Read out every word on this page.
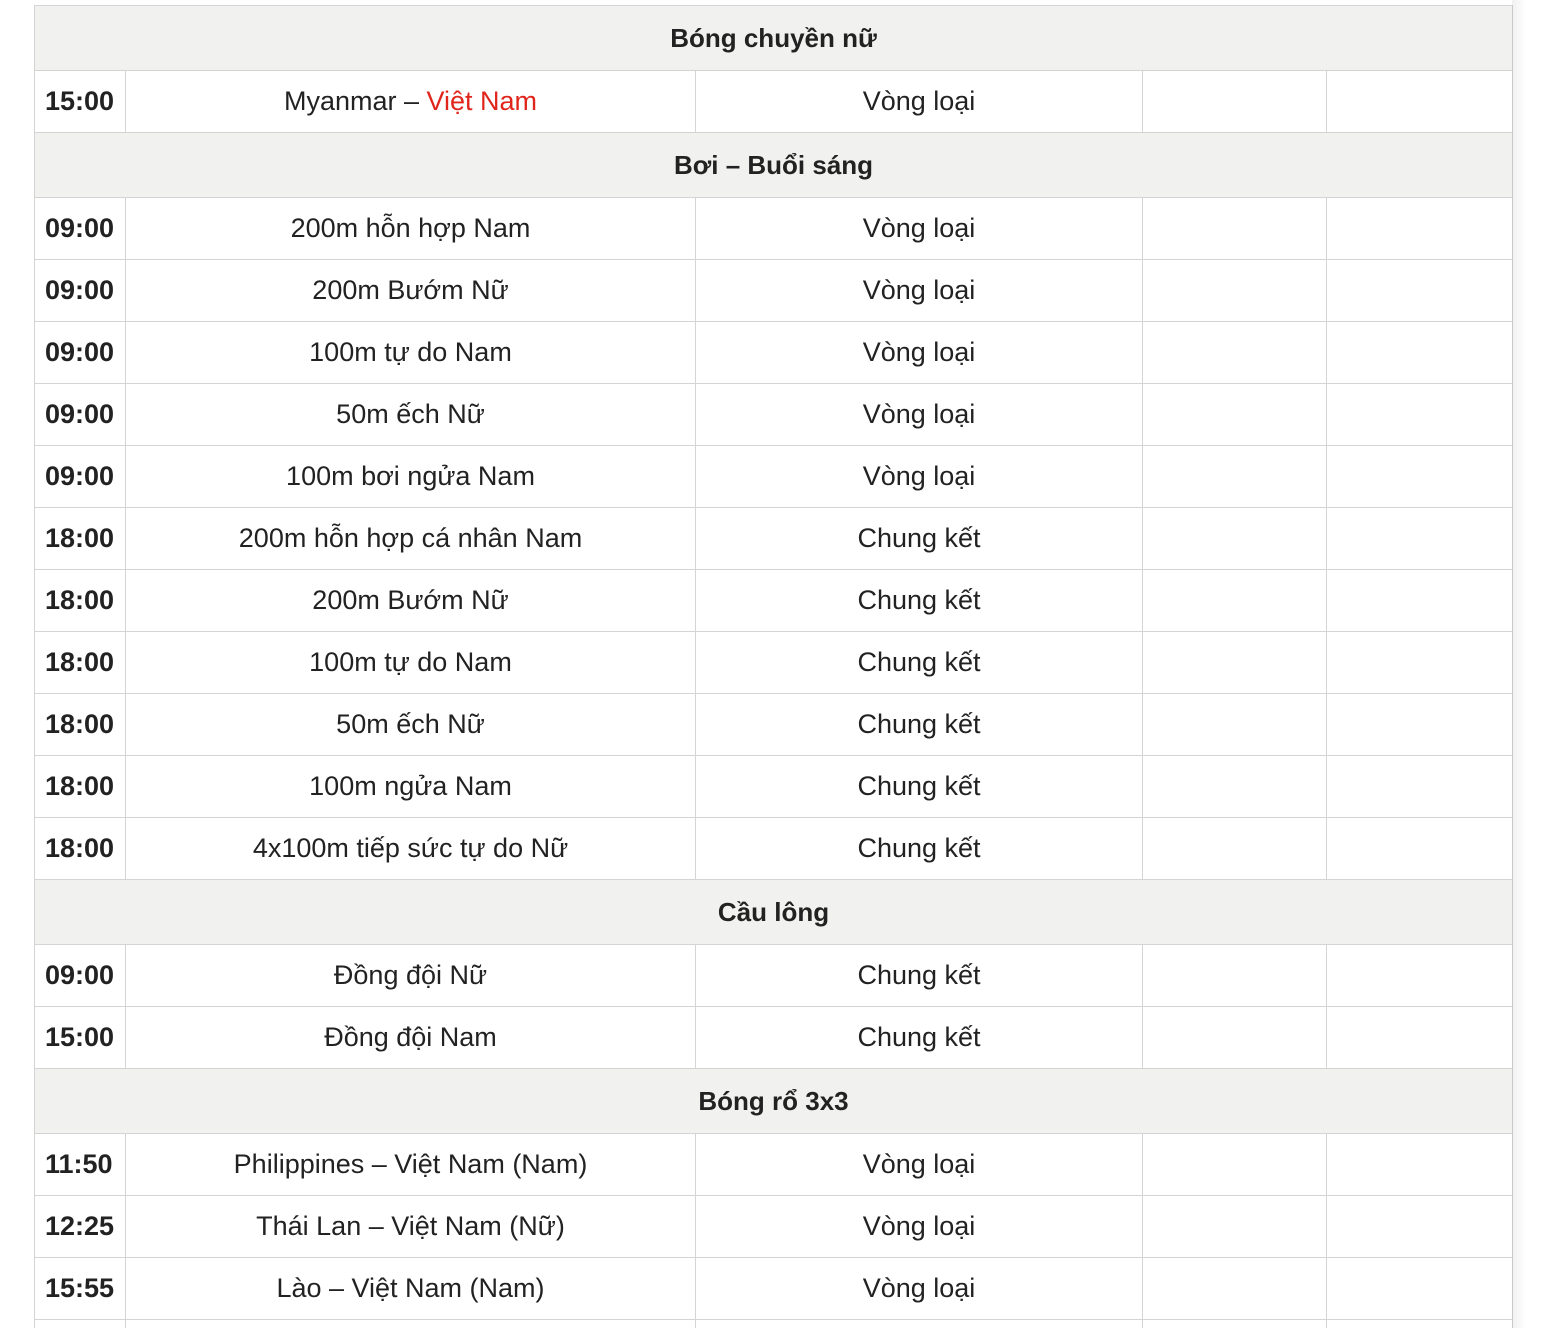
Bóng chuyền nữ				
15:00	Myanmar – Việt Nam	Vòng loại		
Bơi – Buổi sáng				
09:00	200m hỗn hợp Nam	Vòng loại		
09:00	200m Bướm Nữ	Vòng loại		
09:00	100m tự do Nam	Vòng loại		
09:00	50m ếch Nữ	Vòng loại		
09:00	100m bơi ngửa Nam	Vòng loại		
18:00	200m hỗn hợp cá nhân Nam	Chung kết		
18:00	200m Bướm Nữ	Chung kết		
18:00	100m tự do Nam	Chung kết		
18:00	50m ếch Nữ	Chung kết		
18:00	100m ngửa Nam	Chung kết		
18:00	4x100m tiếp sức tự do Nữ	Chung kết		
Cầu lông				
09:00	Đồng đội Nữ	Chung kết		
15:00	Đồng đội Nam	Chung kết		
Bóng rổ 3x3				
11:50	Philippines – Việt Nam (Nam)	Vòng loại		
12:25	Thái Lan – Việt Nam (Nữ)	Vòng loại		
15:55	Lào – Việt Nam (Nam)	Vòng loại		
